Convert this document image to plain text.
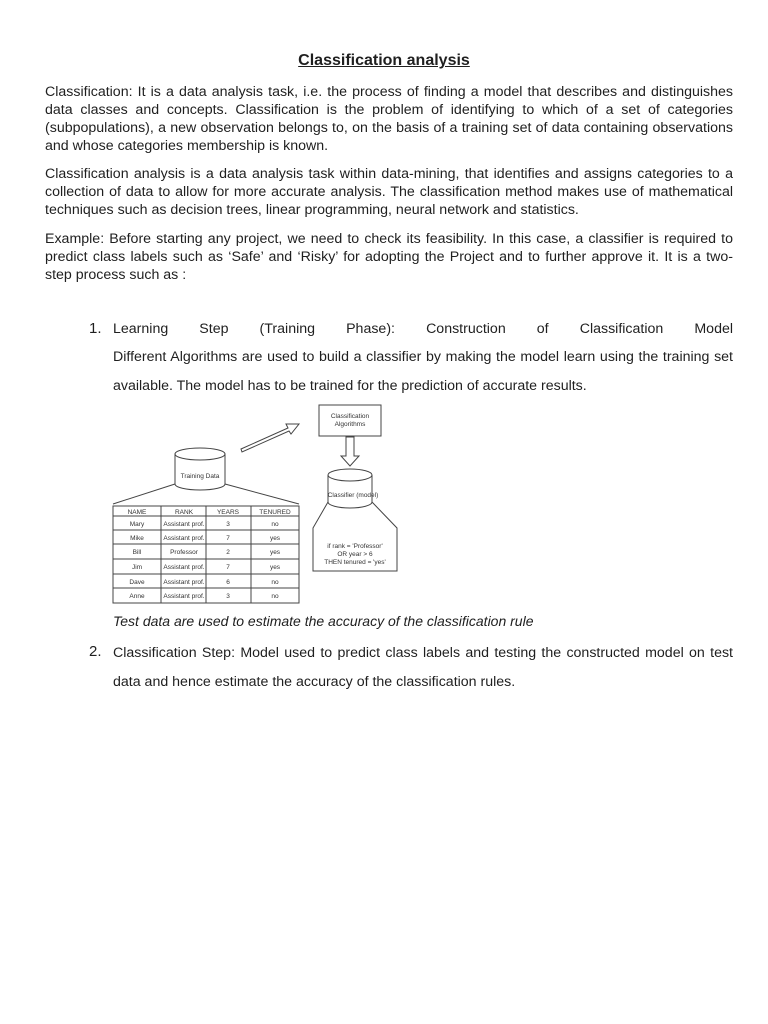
Classification analysis

Classification: It is a data analysis task, i.e. the process of finding a model that describes and distinguishes data classes and concepts. Classification is the problem of identifying to which of a set of categories (subpopulations), a new observation belongs to, on the basis of a training set of data containing observations and whose categories membership is known.

Classification analysis is a data analysis task within data-mining, that identifies and assigns categories to a collection of data to allow for more accurate analysis. The classification method makes use of mathematical techniques such as decision trees, linear programming, neural network and statistics.

Example: Before starting any project, we need to check its feasibility. In this case, a classifier is required to predict class labels such as ‘Safe’ and ‘Risky’ for adopting the Project and to further approve it. It is a two-step process such as :

1. Learning Step (Training Phase): Construction of Classification Model

Different Algorithms are used to build a classifier by making the model learn using the training set available. The model has to be trained for the prediction of accurate results.

Training Data
Classification
Algorithms
Classifier (model)
if rank = 'Professor'
OR year > 6
THEN tenured = 'yes'
NAME	RANK	YEARS	TENURED
Mary	Assistant prof.	3	no
Mike	Assistant prof.	7	yes
Bill	Professor	2	yes
Jim	Assistant prof.	7	yes
Dave	Assistant prof.	6	no
Anne	Assistant prof.	3	no

Test data are used to estimate the accuracy of the classification rule

2. Classification Step: Model used to predict class labels and testing the constructed model on test data and hence estimate the accuracy of the classification rules.
